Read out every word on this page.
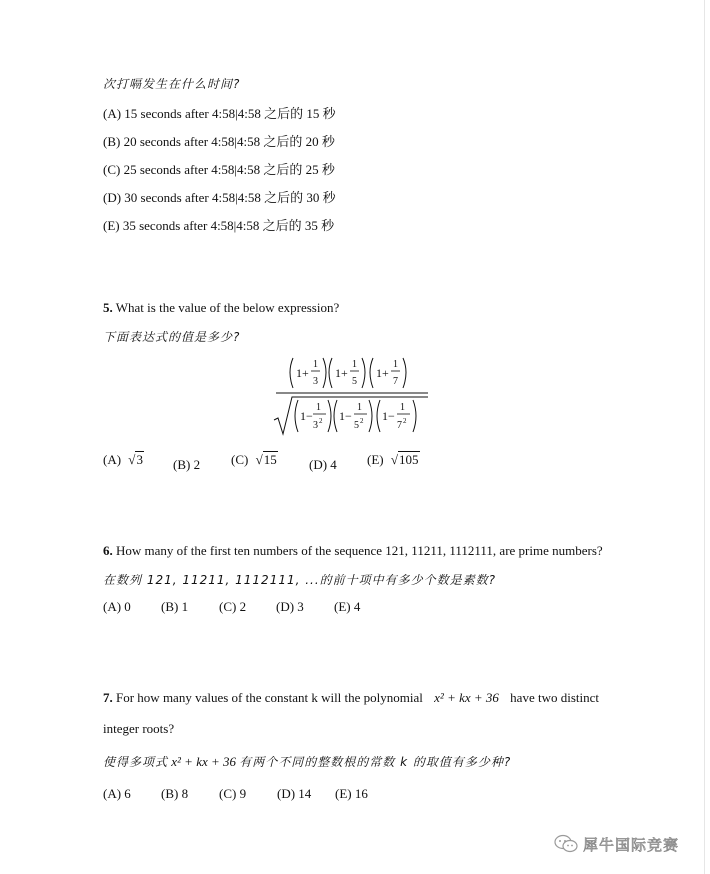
次打嗝发生在什么时间?
(A) 15 seconds after 4:58|4:58 之后的 15 秒
(B) 20 seconds after 4:58|4:58 之后的 20 秒
(C) 25 seconds after 4:58|4:58 之后的 25 秒
(D) 30 seconds after 4:58|4:58 之后的 30 秒
(E) 35 seconds after 4:58|4:58 之后的 35 秒
5. What is the value of the below expression?
下面表达式的值是多少?
1+
1
3
1+
1
5
1+
1
7
1−
1
3 2 1−
1
5 2 1−
1
7 2
(A) √3 (B) 2 (C) √15 (D) 4 (E) √105
6. How many of the first ten numbers of the sequence 121, 11211, 1112111, are prime numbers?
在数列 121, 11211, 1112111, ...的前十项中有多少个数是素数?
(A) 0 (B) 1 (C) 2 (D) 3 (E) 4
7. For how many values of the constant k will the polynomial x² + kx + 36 have two distinct
integer roots?
使得多项式 x² + kx + 36 有两个不同的整数根的常数 k 的取值有多少种?
(A) 6 (B) 8 (C) 9 (D) 14 (E) 16
犀牛国际竞赛
